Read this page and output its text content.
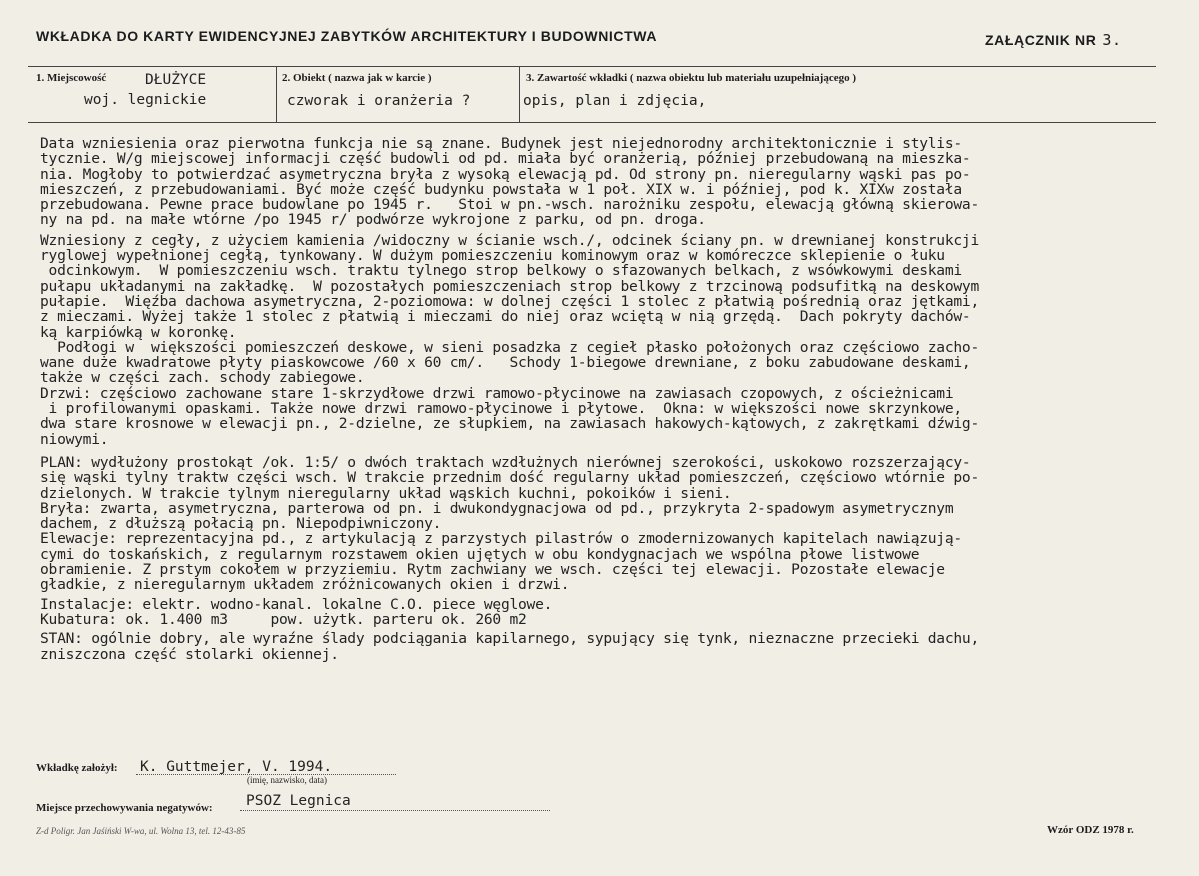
WKŁADKA DO KARTY EWIDENCYJNEJ ZABYTKÓW ARCHITEKTURY I BUDOWNICTWA	ZAŁĄCZNIK NR 3.
1. Miejscowość	DŁUŻYCE
woj. legnickie
2. Obiekt ( nazwa jak w karcie )
czworak i oranżeria ?
3. Zawartość wkładki ( nazwa obiektu lub materiału uzupełniającego )
opis, plan i zdjęcia,
Data wzniesienia oraz pierwotna funkcja nie są znane. Budynek jest niejednorodny architektonicznie i stylis-
tycznie. W/g miejscowej informacji część budowli od pd. miała być oranżerią, później przebudowaną na mieszka-
nia. Mogłoby to potwierdzać asymetryczna bryła z wysoką elewacją pd. Od strony pn. nieregularny wąski pas po-
mieszczeń, z przebudowaniami. Być może część budynku powstała w 1 poł. XIX w. i później, pod k. XIXw została
przebudowana. Pewne prace budowlane po 1945 r.   Stoi w pn.-wsch. narożniku zespołu, elewacją główną skierowa-
ny na pd. na małe wtórne /po 1945 r/ podwórze wykrojone z parku, od pn. droga.
Wzniesiony z cegły, z użyciem kamienia /widoczny w ścianie wsch./, odcinek ściany pn. w drewnianej konstrukcji
ryglowej wypełnionej cegłą, tynkowany. W dużym pomieszczeniu kominowym oraz w komóreczce sklepienie o łuku
odcinkowym.  W pomieszczeniu wsch. traktu tylnego strop belkowy o sfazowanych belkach, z wsówkowymi deskami
pułapu układanymi na zakładkę.  W pozostałych pomieszczeniach strop belkowy z trzcinową podsufitką na deskowym
pułapie.  Więźba dachowa asymetryczna, 2-poziomowa: w dolnej części 1 stolec z płatwią pośrednią oraz jętkami,
z mieczami. Wyżej także 1 stolec z płatwią i mieczami do niej oraz wciętą w nią grzędą.  Dach pokryty dachów-
ką karpiówką w koronkę.
Podłogi w  większości pomieszczeń deskowe, w sieni posadzka z cegieł płasko położonych oraz częściowo zacho-
wane duże kwadratowe płyty piaskowcowe /60 x 60 cm/.   Schody 1-biegowe drewniane, z boku zabudowane deskami,
także w części zach. schody zabiegowe.
Drzwi: częściowo zachowane stare 1-skrzydłowe drzwi ramowo-płycinowe na zawiasach czopowych, z ościeżnicami
i profilowanymi opaskami. Także nowe drzwi ramowo-płycinowe i płytowe.  Okna: w większości nowe skrzynkowe,
dwa stare krosnowe w elewacji pn., 2-dzielne, ze słupkiem, na zawiasach hakowych-kątowych, z zakrętkami dźwig-
niowymi.
PLAN: wydłużony prostokąt /ok. 1:5/ o dwóch traktach wzdłużnych nierównej szerokości, uskokowo rozszerzający-
się wąski tylny traktw części wsch. W trakcie przednim dość regularny układ pomieszczeń, częściowo wtórnie po-
dzielonych. W trakcie tylnym nieregularny układ wąskich kuchni, pokoików i sieni.
Bryła: zwarta, asymetryczna, parterowa od pn. i dwukondygnacjowa od pd., przykryta 2-spadowym asymetrycznym
dachem, z dłuższą połacią pn. Niepodpiwniczony.
Elewacje: reprezentacyjna pd., z artykulacją z parzystych pilastrów o zmodernizowanych kapitelach nawiązują-
cymi do toskańskich, z regularnym rozstawem okien ujętych w obu kondygnacjach we wspólna płowe listwowe
obramienie. Z prstym cokołem w przyziemiu. Rytm zachwiany we wsch. części tej elewacji. Pozostałe elewacje
gładkie, z nieregularnym układem zróżnicowanych okien i drzwi.
Instalacje: elektr. wodno-kanal. lokalne C.O. piece węglowe.
Kubatura: ok. 1.400 m3     pow. użytk. parteru ok. 260 m2
STAN: ogólnie dobry, ale wyraźne ślady podciągania kapilarnego, sypujący się tynk, nieznaczne przecieki dachu,
zniszczona część stolarki okiennej.
Wkładkę założył: K. Guttmejer, V. 1994.
(imię, nazwisko, data)
Miejsce przechowywania negatywów: PSOZ Legnica
Z-d Poligr. Jan Jaśiński W-wa, ul. Wolna 13, tel. 12-43-85	Wzór ODZ 1978 r.
